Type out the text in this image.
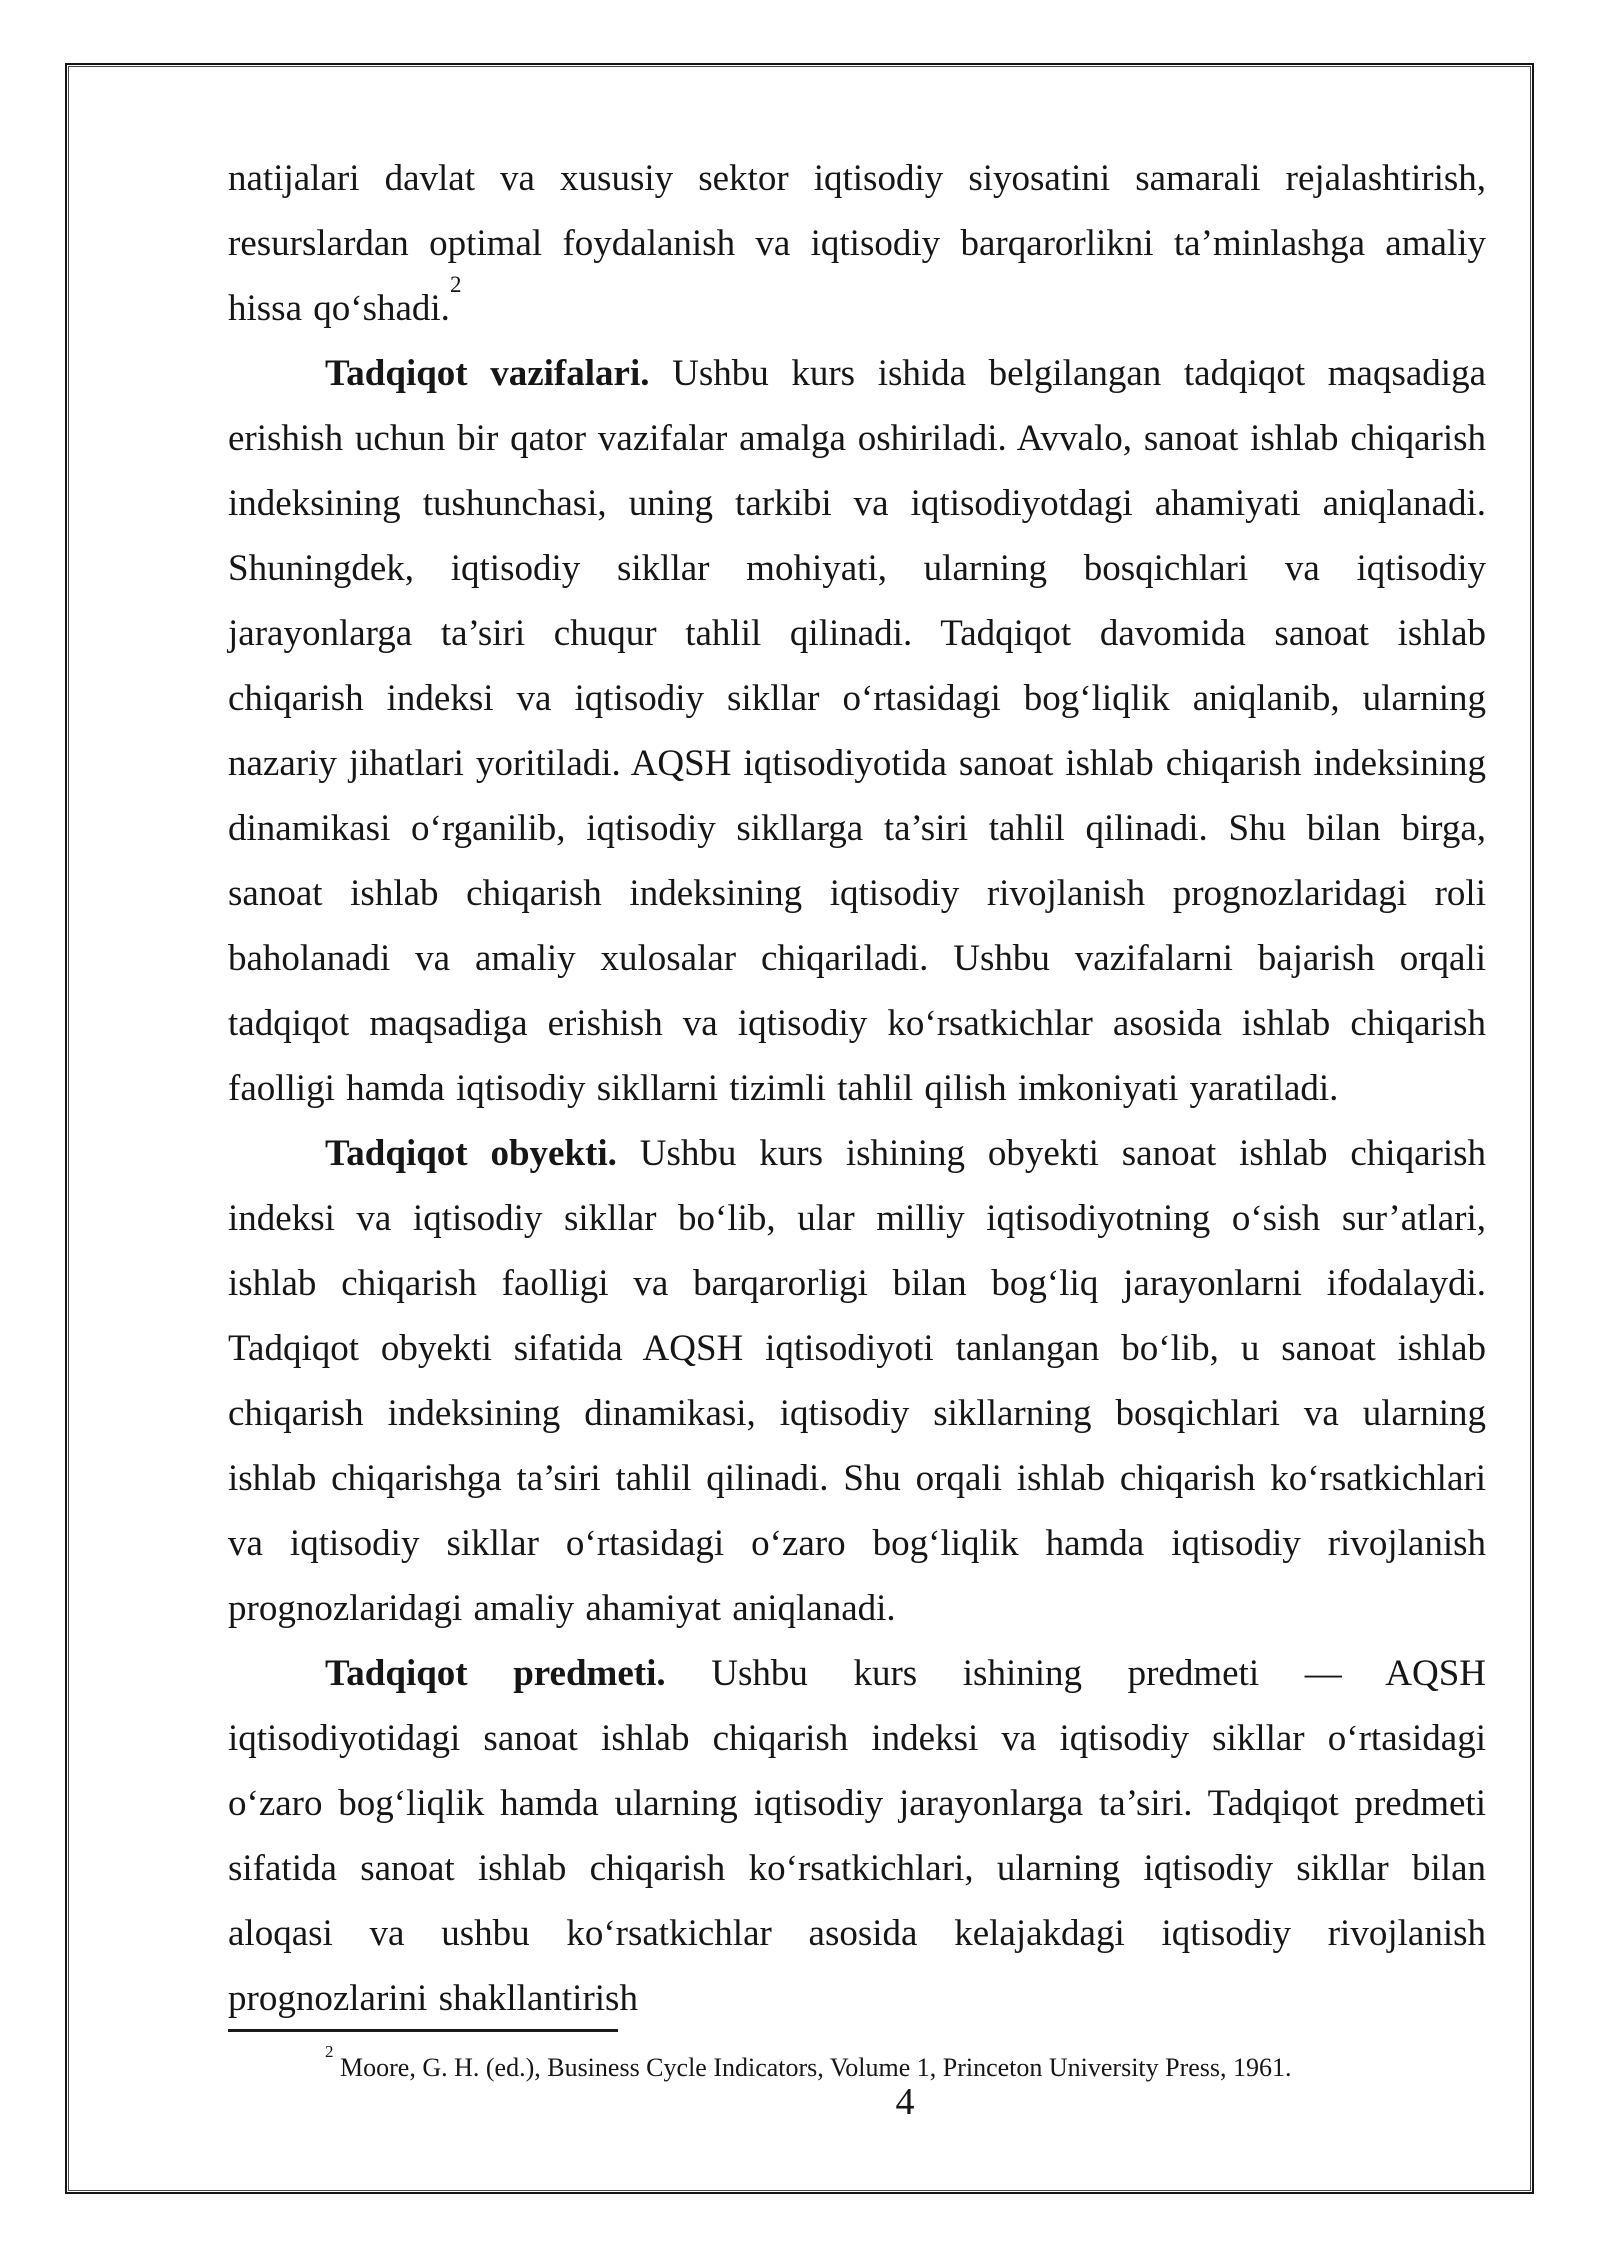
natijalari davlat va xususiy sektor iqtisodiy siyosatini samarali rejalashtirish, resurslardan optimal foydalanish va iqtisodiy barqarorlikni ta’minlashga amaliy hissa qoʻshadi.$^2$

Tadqiqot vazifalari. Ushbu kurs ishida belgilangan tadqiqot maqsadiga erishish uchun bir qator vazifalar amalga oshiriladi. Avvalo, sanoat ishlab chiqarish indeksining tushunchasi, uning tarkibi va iqtisodiyotdagi ahamiyati aniqlanadi. Shuningdek, iqtisodiy sikllar mohiyati, ularning bosqichlari va iqtisodiy jarayonlarga ta’siri chuqur tahlil qilinadi. Tadqiqot davomida sanoat ishlab chiqarish indeksi va iqtisodiy sikllar oʻrtasidagi bogʻliqlik aniqlanib, ularning nazariy jihatlari yoritiladi. AQSH iqtisodiyotida sanoat ishlab chiqarish indeksining dinamikasi oʻrganilib, iqtisodiy sikllarga ta’siri tahlil qilinadi. Shu bilan birga, sanoat ishlab chiqarish indeksining iqtisodiy rivojlanish prognozlaridagi roli baholanadi va amaliy xulosalar chiqariladi. Ushbu vazifalarni bajarish orqali tadqiqot maqsadiga erishish va iqtisodiy koʻrsatkichlar asosida ishlab chiqarish faolligi hamda iqtisodiy sikllarni tizimli tahlil qilish imkoniyati yaratiladi.

Tadqiqot obyekti. Ushbu kurs ishining obyekti sanoat ishlab chiqarish indeksi va iqtisodiy sikllar boʻlib, ular milliy iqtisodiyotning oʻsish sur’atlari, ishlab chiqarish faolligi va barqarorligi bilan bogʻliq jarayonlarni ifodalaydi. Tadqiqot obyekti sifatida AQSH iqtisodiyoti tanlangan boʻlib, u sanoat ishlab chiqarish indeksining dinamikasi, iqtisodiy sikllarning bosqichlari va ularning ishlab chiqarishga ta’siri tahlil qilinadi. Shu orqali ishlab chiqarish koʻrsatkichlari va iqtisodiy sikllar oʻrtasidagi oʻzaro bogʻliqlik hamda iqtisodiy rivojlanish prognozlaridagi amaliy ahamiyat aniqlanadi.

Tadqiqot predmeti. Ushbu kurs ishining predmeti — AQSH iqtisodiyotidagi sanoat ishlab chiqarish indeksi va iqtisodiy sikllar oʻrtasidagi oʻzaro bogʻliqlik hamda ularning iqtisodiy jarayonlarga ta’siri. Tadqiqot predmeti sifatida sanoat ishlab chiqarish koʻrsatkichlari, ularning iqtisodiy sikllar bilan aloqasi va ushbu koʻrsatkichlar asosida kelajakdagi iqtisodiy rivojlanish prognozlarini shakllantirish

$^2$ Moore, G. H. (ed.), Business Cycle Indicators, Volume 1, Princeton University Press, 1961.
4
